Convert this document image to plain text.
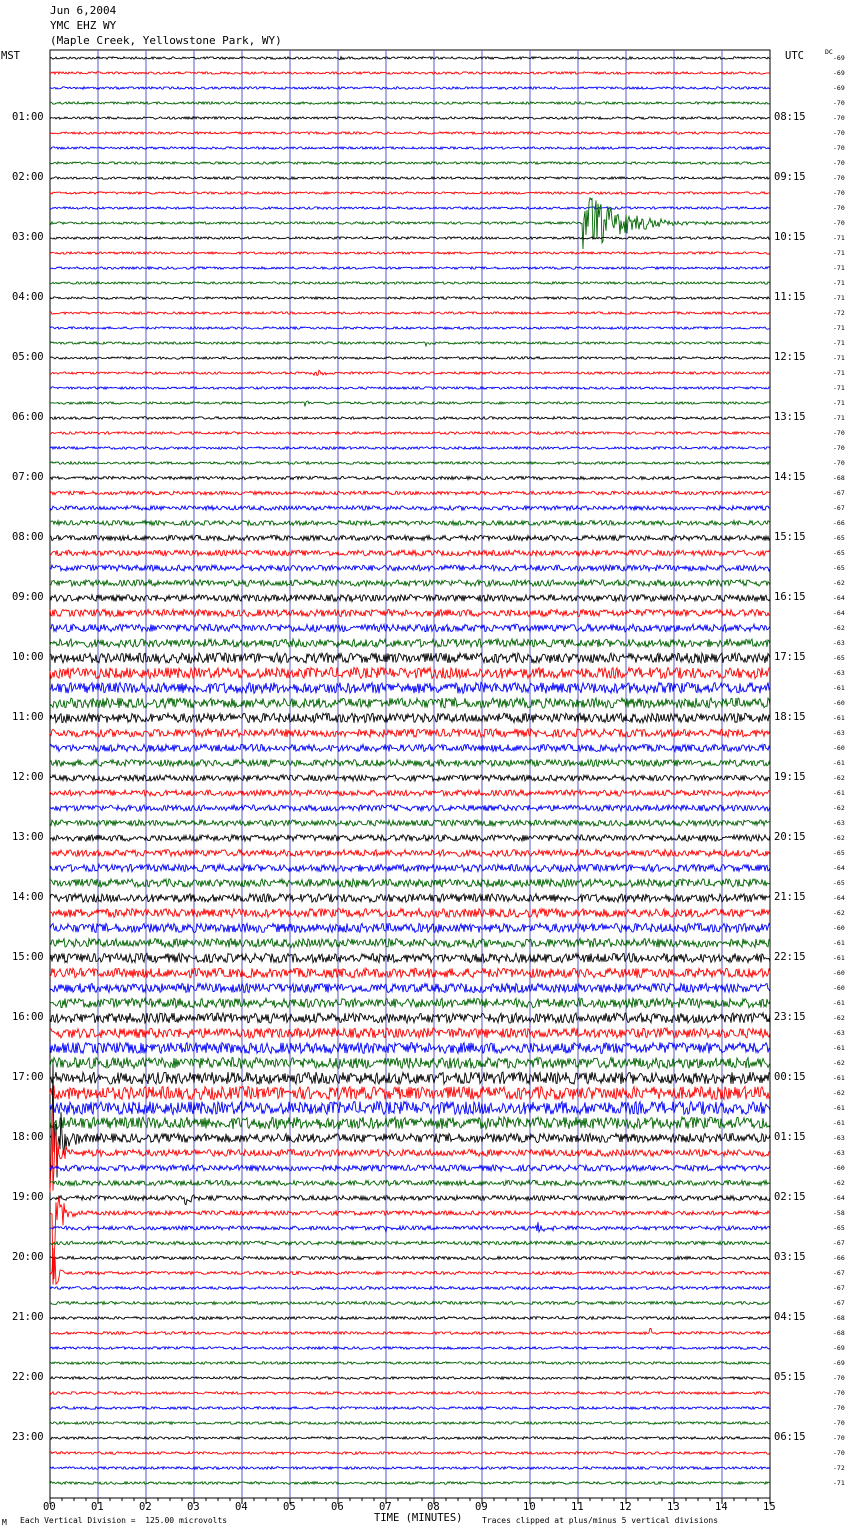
Jun 6,2004
YMC EHZ WY
(Maple Creek, Yellowstone Park, WY)
MST	UTC	DC
01:00
02:00
03:00
04:00
05:00
06:00
07:00
08:00
09:00
10:00
11:00
12:00
13:00
14:00
15:00
16:00
17:00
18:00
19:00
20:00
21:00
22:00
23:00
08:15
09:15
10:15
11:15
12:15
13:15
14:15
15:15
16:15
17:15
18:15
19:15
20:15
21:15
22:15
23:15
00:15
01:15
02:15
03:15
04:15
05:15
06:15
-69
-69
-69
-70
-70
-70
-70
-70
-70
-70
-70
-70
-71
-71
-71
-71
-71
-72
-71
-71
-71
-71
-71
-71
-71
-70
-70
-70
-68
-67
-67
-66
-65
-65
-65
-62
-64
-64
-62
-63
-65
-63
-61
-60
-61
-63
-60
-61
-62
-61
-62
-63
-62
-65
-64
-65
-64
-62
-60
-61
-61
-60
-60
-61
-62
-63
-61
-62
-61
-62
-61
-61
-63
-63
-60
-62
-64
-58
-65
-67
-66
-67
-67
-67
-68
-68
-69
-69
-70
-70
-70
-70
-70
-70
-72
-71
00	01	02	03	04	05	06	07	08	09	10	11	12	13	14	15
TIME (MINUTES)
M Each Vertical Division =  125.00 microvolts	Traces clipped at plus/minus 5 vertical divisions
